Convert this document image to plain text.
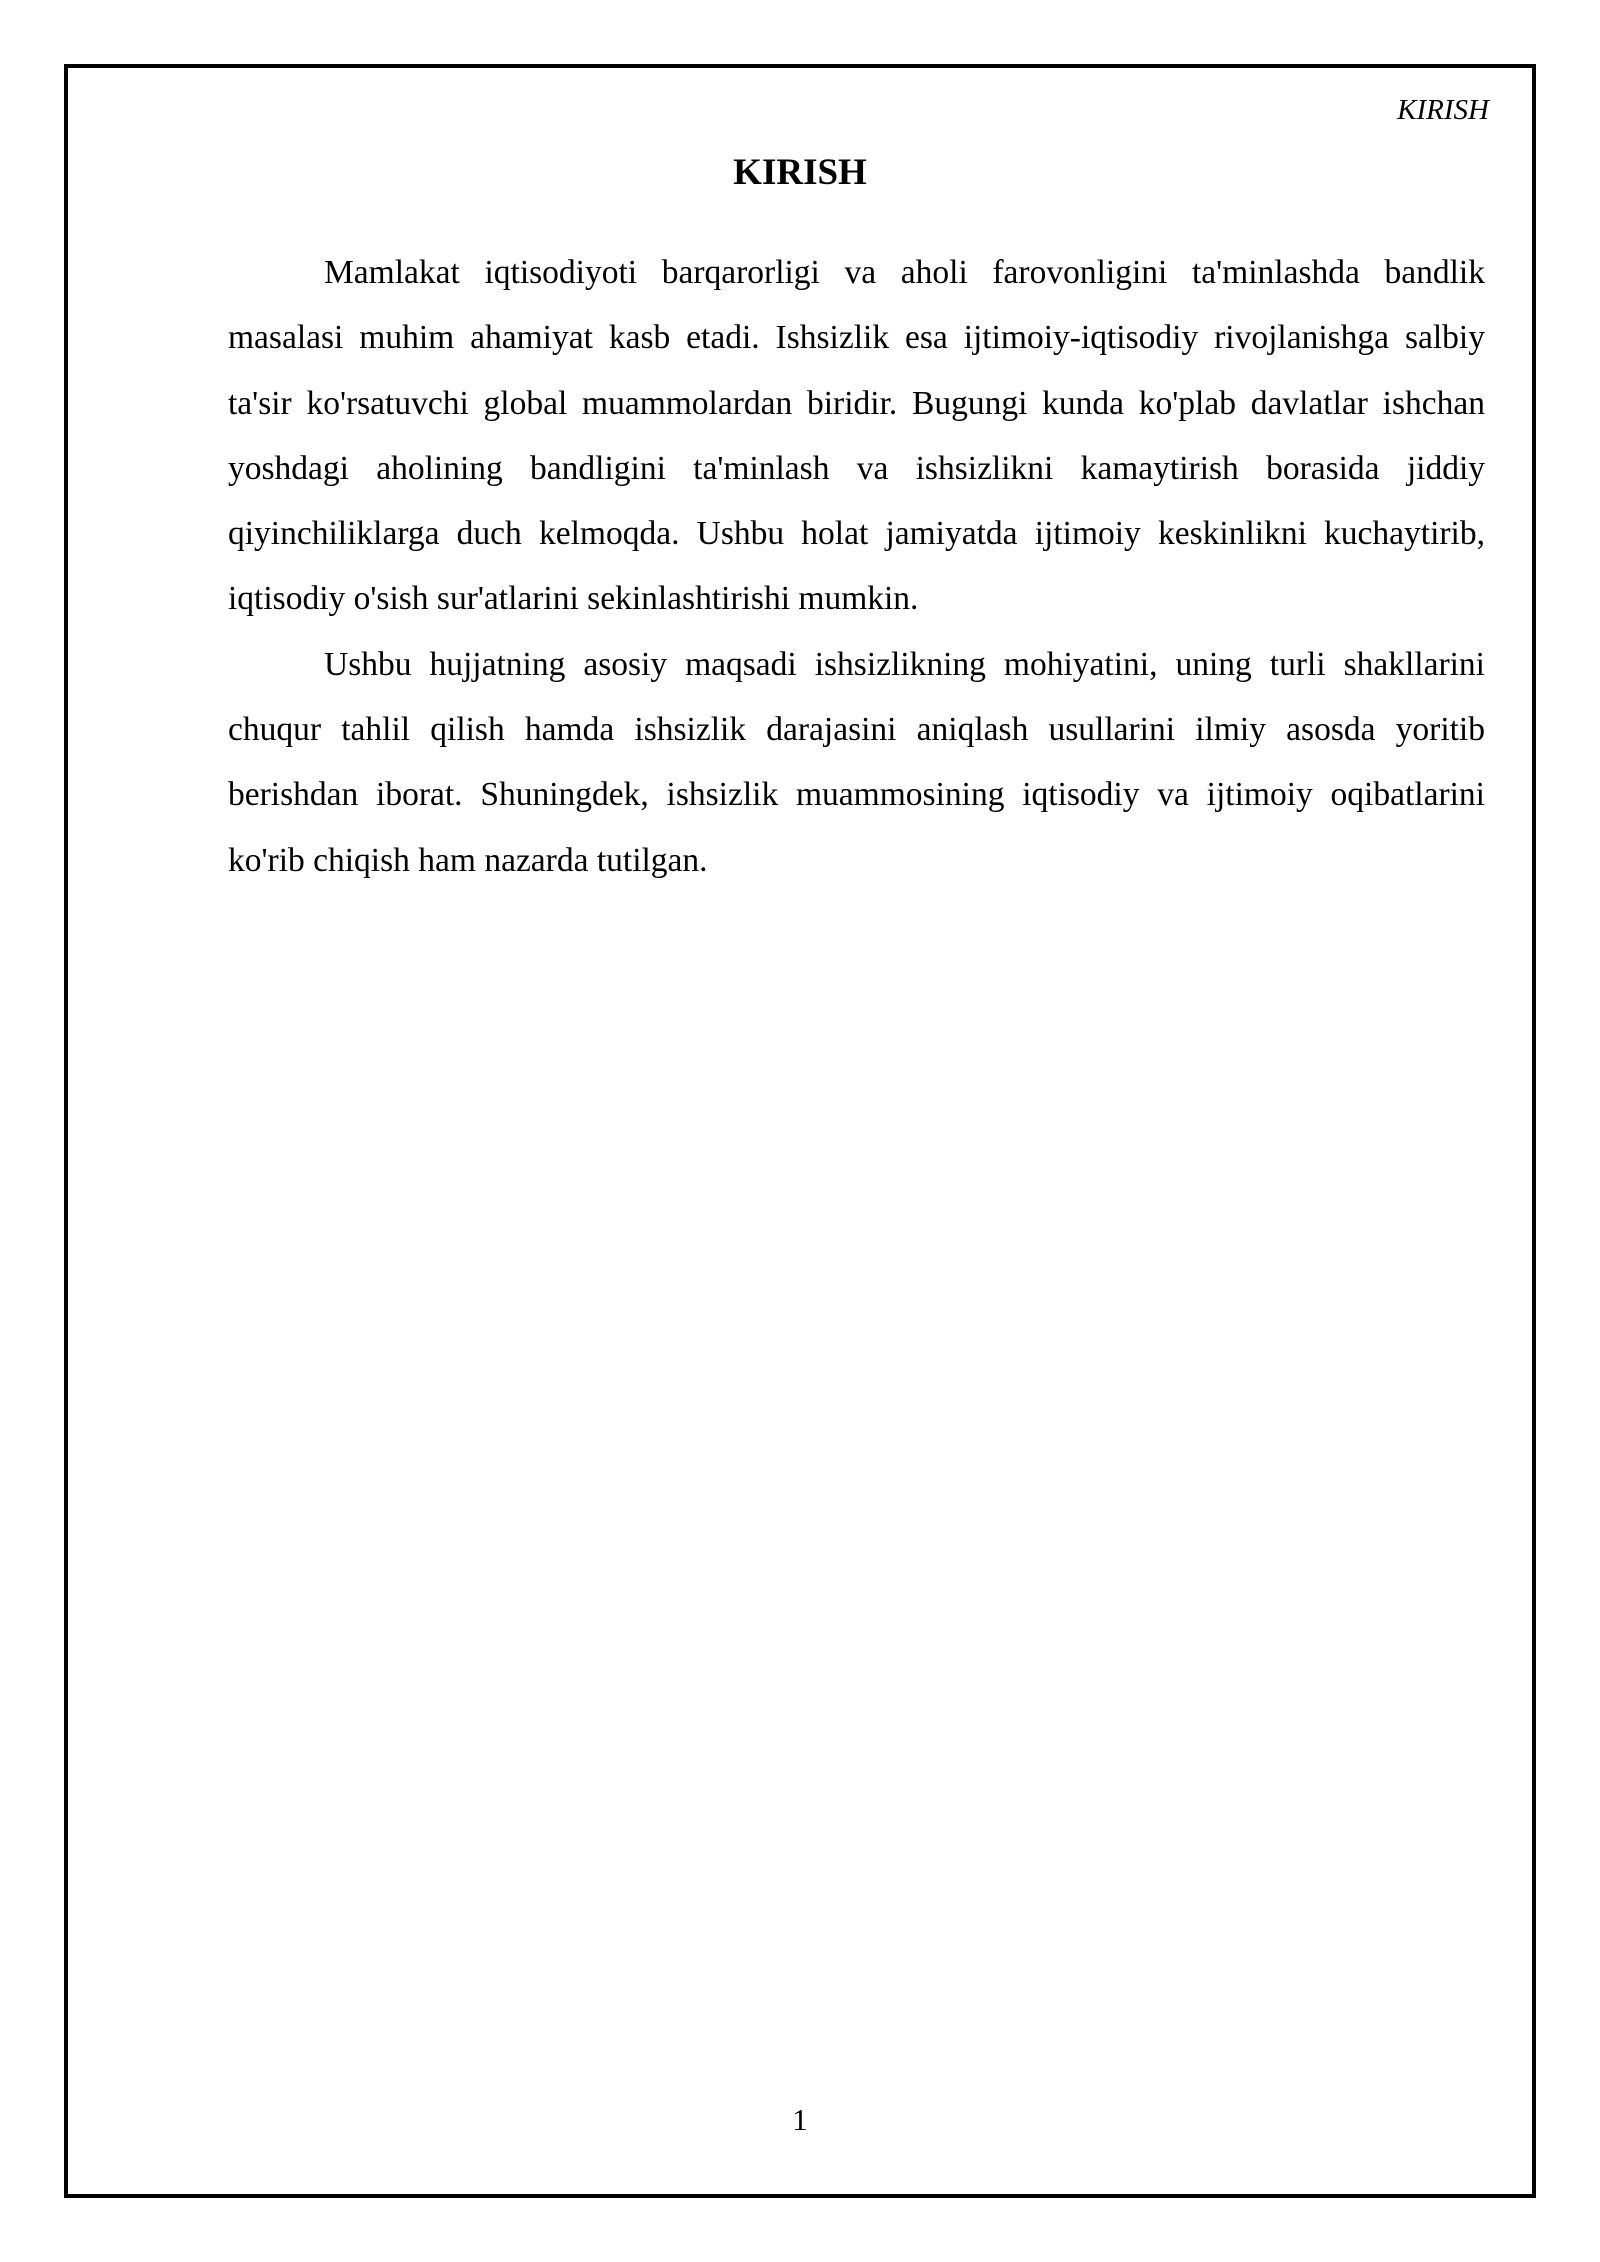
KIRISH
KIRISH

Mamlakat iqtisodiyoti barqarorligi va aholi farovonligini ta'minlashda bandlik masalasi muhim ahamiyat kasb etadi. Ishsizlik esa ijtimoiy-iqtisodiy rivojlanishga salbiy ta'sir ko'rsatuvchi global muammolardan biridir. Bugungi kunda ko'plab davlatlar ishchan yoshdagi aholining bandligini ta'minlash va ishsizlikni kamaytirish borasida jiddiy qiyinchiliklarga duch kelmoqda. Ushbu holat jamiyatda ijtimoiy keskinlikni kuchaytirib, iqtisodiy o'sish sur'atlarini sekinlashtirishi mumkin.

Ushbu hujjatning asosiy maqsadi ishsizlikning mohiyatini, uning turli shakllarini chuqur tahlil qilish hamda ishsizlik darajasini aniqlash usullarini ilmiy asosda yoritib berishdan iborat. Shuningdek, ishsizlik muammosining iqtisodiy va ijtimoiy oqibatlarini ko'rib chiqish ham nazarda tutilgan.

1
